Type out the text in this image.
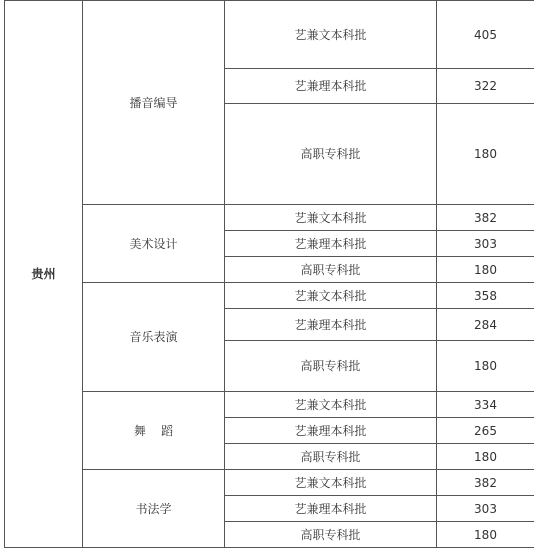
贵州	播音编导	艺兼文本科批	405
		艺兼理本科批	322
		高职专科批	180
	美术设计	艺兼文本科批	382
		艺兼理本科批	303
		高职专科批	180
	音乐表演	艺兼文本科批	358
		艺兼理本科批	284
		高职专科批	180
	舞    蹈	艺兼文本科批	334
		艺兼理本科批	265
		高职专科批	180
	书法学	艺兼文本科批	382
		艺兼理本科批	303
		高职专科批	180
